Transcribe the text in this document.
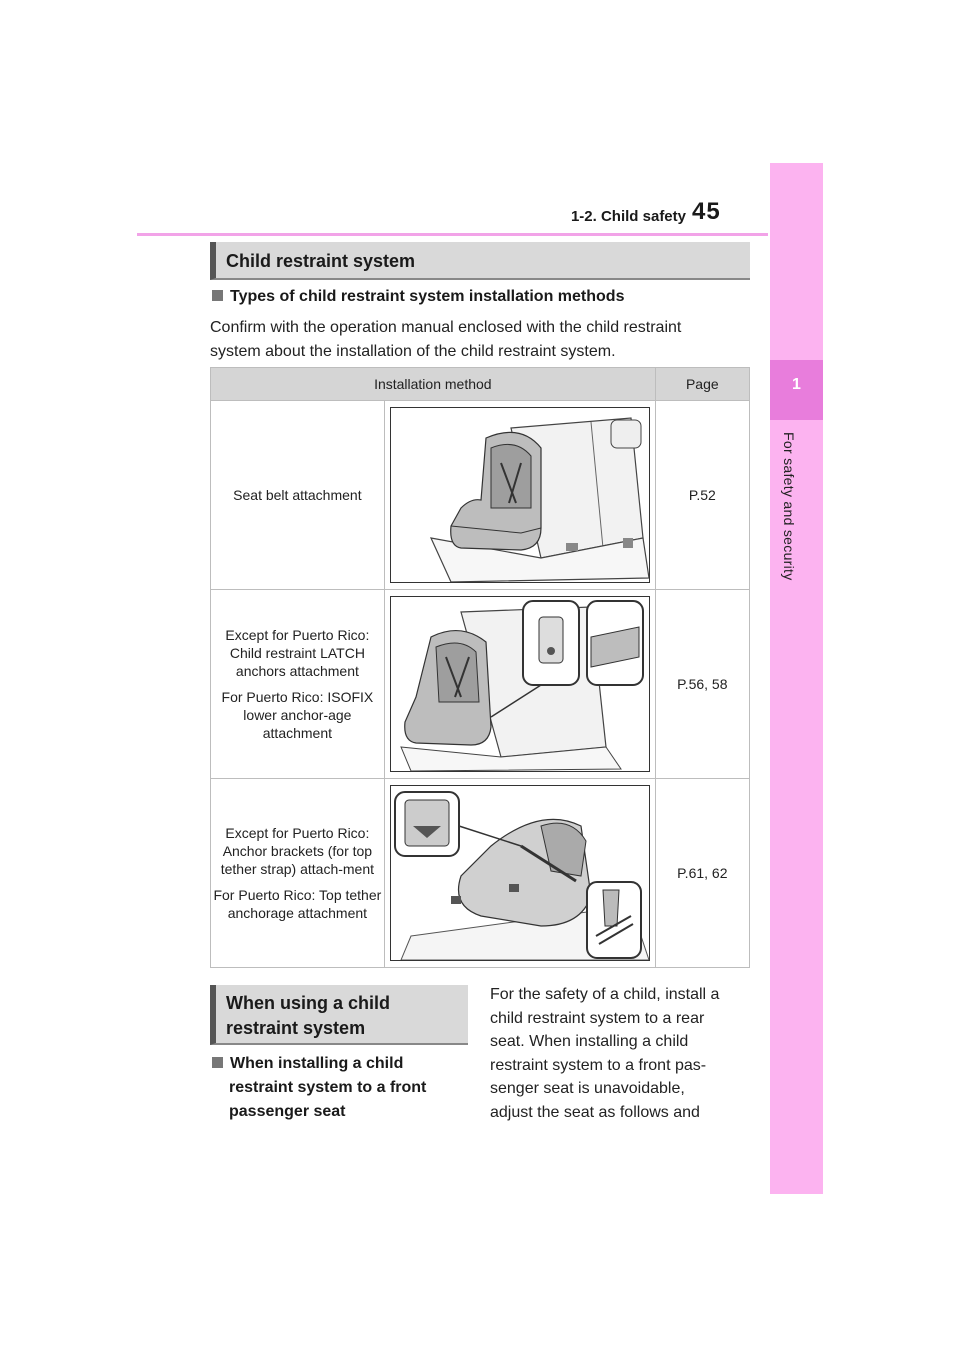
1-2. Child safety 45
1
For safety and security
Child restraint system
Types of child restraint system installation methods
Confirm with the operation manual enclosed with the child restraint
system about the installation of the child restraint system.
Installation method		Page

Seat belt attachment		P.52

Except for Puerto Rico: Child restraint LATCH anchors attachment
For Puerto Rico: ISOFIX lower anchor-age attachment		P.56, 58

Except for Puerto Rico: Anchor brackets (for top tether strap) attach-ment
For Puerto Rico: Top tether anchorage attachment		P.61, 62
When using a child
restraint system
When installing a child
restraint system to a front
passenger seat
For the safety of a child, install a
child restraint system to a rear
seat. When installing a child
restraint system to a front pas-
senger seat is unavoidable,
adjust the seat as follows and
